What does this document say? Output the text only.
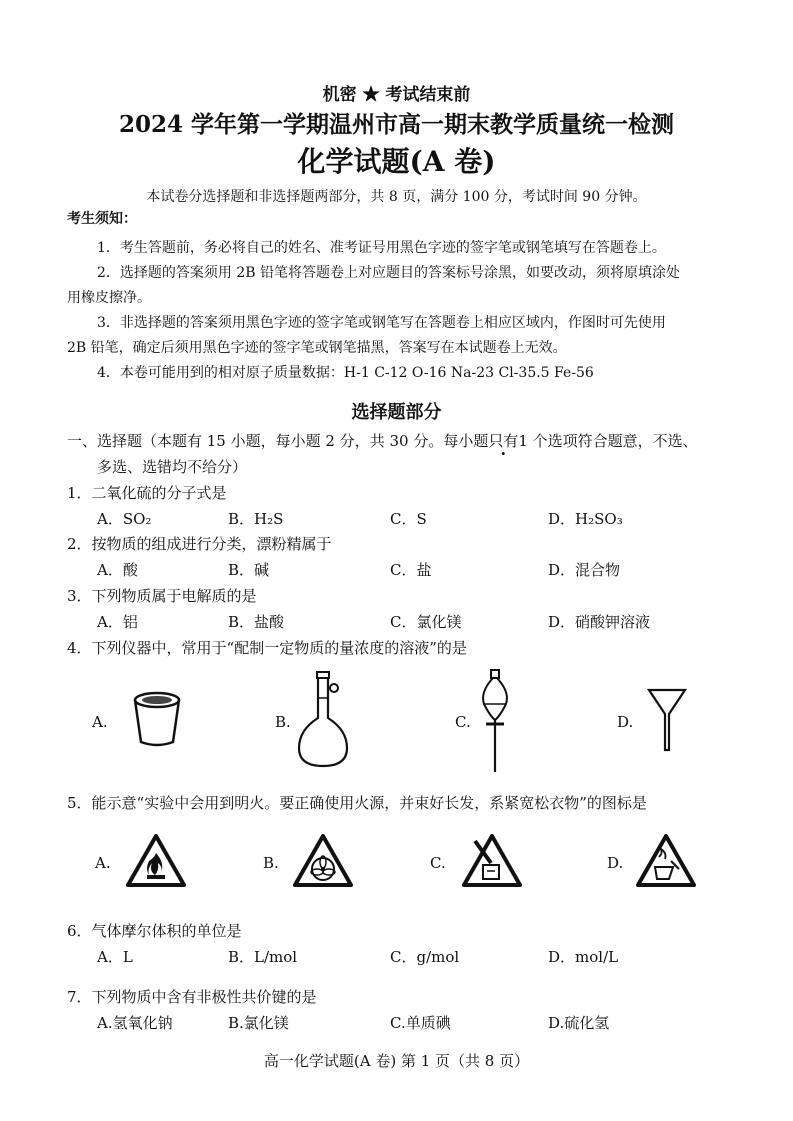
机密 ★ 考试结束前
2024 学年第一学期温州市高一期末教学质量统一检测
化学试题(A 卷)
本试卷分选择题和非选择题两部分，共 8 页，满分 100 分，考试时间 90 分钟。
考生须知：
1．考生答题前，务必将自己的姓名、准考证号用黑色字迹的签字笔或钢笔填写在答题卷上。
2．选择题的答案须用 2B 铅笔将答题卷上对应题目的答案标号涂黑，如要改动，须将原填涂处
用橡皮擦净。
3．非选择题的答案须用黑色字迹的签字笔或钢笔写在答题卷上相应区域内，作图时可先使用
2B 铅笔，确定后须用黑色字迹的签字笔或钢笔描黑，答案写在本试题卷上无效。
4．本卷可能用到的相对原子质量数据：H-1 C-12 O-16 Na-23 Cl-35.5 Fe-56
选择题部分
一、选择题（本题有 15 小题，每小题 2 分，共 30 分。每小题只有1 个选项符合题意，不选、
多选、选错均不给分）
1．二氧化硫的分子式是
A．SO₂	B．H₂S	C．S	D．H₂SO₃
2．按物质的组成进行分类，漂粉精属于
A．酸	B．碱	C．盐	D．混合物
3．下列物质属于电解质的是
A．铝	B．盐酸	C．氯化镁	D．硝酸钾溶液
4．下列仪器中，常用于“配制一定物质的量浓度的溶液”的是
A.	B.	C.	D.
5．能示意“实验中会用到明火。要正确使用火源，并束好长发，系紧宽松衣物”的图标是
A.	B.	C.	D.
6．气体摩尔体积的单位是
A．L	B．L/mol	C．g/mol	D．mol/L
7．下列物质中含有非极性共价键的是
A.氢氧化钠	B.氯化镁	C.单质碘	D.硫化氢
高一化学试题(A 卷) 第 1 页（共 8 页）
